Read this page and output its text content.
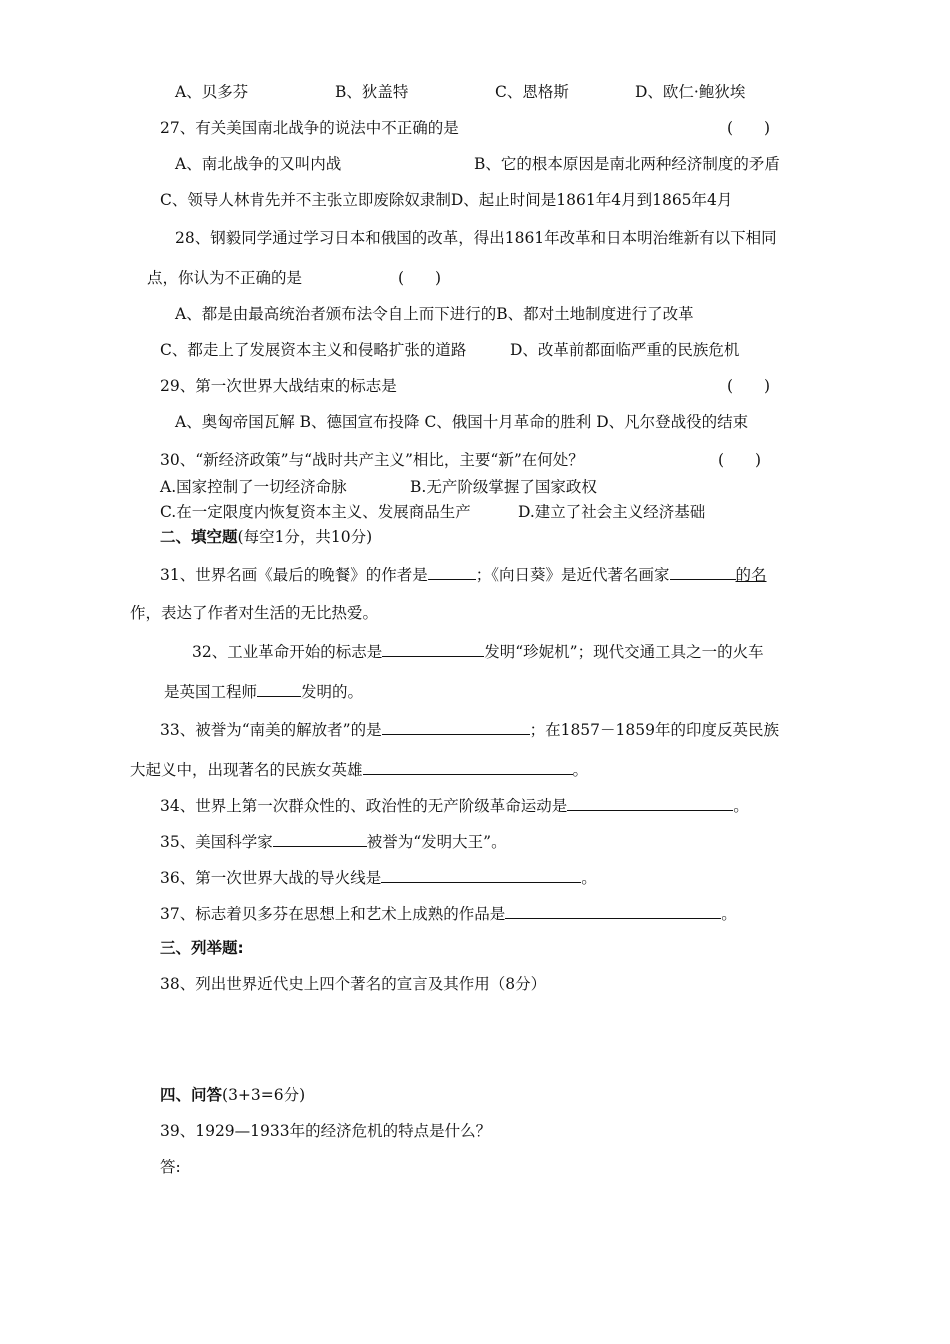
A、贝多芬	B、狄盖特	C、恩格斯	D、欧仁·鲍狄埃
27、有关美国南北战争的说法中不正确的是	(　　)
A、南北战争的又叫内战	B、它的根本原因是南北两种经济制度的矛盾
C、领导人林肯先并不主张立即废除奴隶制D、起止时间是1861年4月到1865年4月
28、钢毅同学通过学习日本和俄国的改革，得出1861年改革和日本明治维新有以下相同
点，你认为不正确的是	(　　)
A、都是由最高统治者颁布法令自上而下进行的B、都对土地制度进行了改革
C、都走上了发展资本主义和侵略扩张的道路	D、改革前都面临严重的民族危机
29、第一次世界大战结束的标志是	(　　)
A、奥匈帝国瓦解 B、德国宣布投降 C、俄国十月革命的胜利 D、凡尔登战役的结束
30、“新经济政策”与“战时共产主义”相比，主要“新”在何处？	(　　)
A.国家控制了一切经济命脉	B.无产阶级掌握了国家政权
C.在一定限度内恢复资本主义、发展商品生产	D.建立了社会主义经济基础
二、填空题(每空1分，共10分)
31、世界名画《最后的晚餐》的作者是	；《向日葵》是近代著名画家	的名
作，表达了作者对生活的无比热爱。
32、工业革命开始的标志是	发明“珍妮机”；现代交通工具之一的火车
是英国工程师	发明的。
33、被誉为“南美的解放者”的是	；在1857－1859年的印度反英民族
大起义中，出现著名的民族女英雄	。
34、世界上第一次群众性的、政治性的无产阶级革命运动是	。
35、美国科学家	被誉为“发明大王”。
36、第一次世界大战的导火线是	。
37、标志着贝多芬在思想上和艺术上成熟的作品是	。
三、列举题:
38、列出世界近代史上四个著名的宣言及其作用（8分）
四、问答(3+3=6分)
39、1929—1933年的经济危机的特点是什么？
答:
